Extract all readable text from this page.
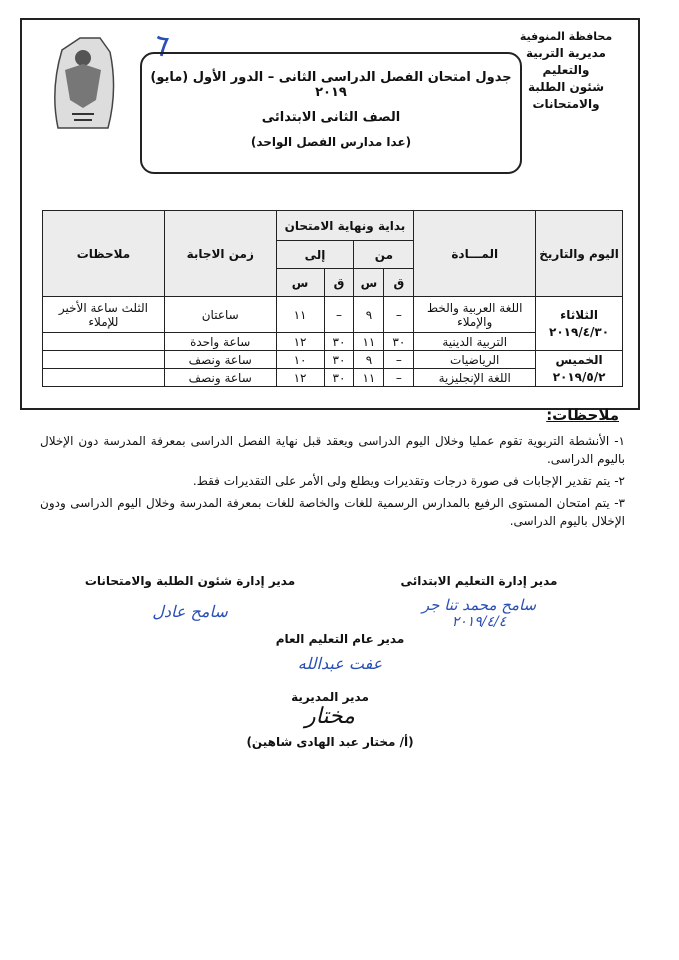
محافظة المنوفية
مديرية التربية والتعليم
شئون الطلبة والامتحانات
٦
جدول امتحان الفصل الدراسى الثانى – الدور الأول (مايو) ٢٠١٩
الصف الثانى الابتدائى
(عدا مدارس الفصل الواحد)
اليوم والتاريخ	المـــادة	بداية ونهاية الامتحان				زمن الاجابة	ملاحظات
		من		إلى			
		ق	س	ق	س		

الثلاثاء
٢٠١٩/٤/٣٠	اللغة العربية والخط والإملاء	–	٩	–	١١	ساعتان	الثلث ساعة الأخير للإملاء
	التربية الدينية	٣٠	١١	٣٠	١٢	ساعة واحدة	

الخميس
٢٠١٩/٥/٢	الرياضيات	–	٩	٣٠	١٠	ساعة ونصف	
	اللغة الإنجليزية	–	١١	٣٠	١٢	ساعة ونصف	
ملاحظات:
١- الأنشطة التربوية تقوم عمليا وخلال اليوم الدراسى ويعقد قبل نهاية الفصل الدراسى بمعرفة المدرسة دون الإخلال باليوم الدراسى.
٢- يتم تقدير الإجابات فى صورة درجات وتقديرات ويطلع ولى الأمر على التقديرات فقط.
٣- يتم امتحان المستوى الرفيع بالمدارس الرسمية للغات والخاصة للغات بمعرفة المدرسة وخلال اليوم الدراسى ودون الإخلال باليوم الدراسى.
مدير إدارة التعليم الابتدائى
سامح محمد تنا جر
٢٠١٩/٤/٤
مدير إدارة شئون الطلبة والامتحانات
سامح عادل
مدير عام التعليم العام
عفت عبدالله
مدير المديرية
مختار
(أ/ مختار عبد الهادى شاهين)
